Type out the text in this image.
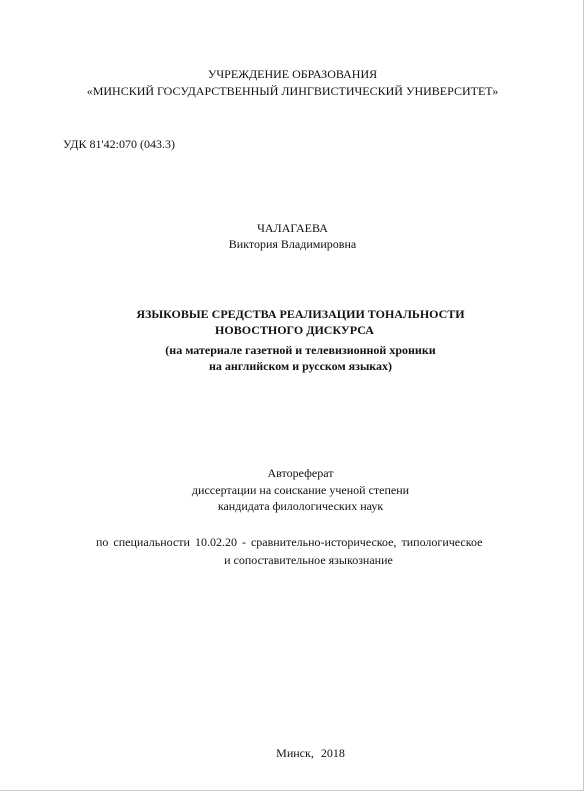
УЧРЕЖДЕНИЕ ОБРАЗОВАНИЯ
«МИНСКИЙ ГОСУДАРСТВЕННЫЙ ЛИНГВИСТИЧЕСКИЙ УНИВЕРСИТЕТ»
УДК 81'42:070 (043.3)
ЧАЛАГАЕВА
Виктория Владимировна
ЯЗЫКОВЫЕ СРЕДСТВА РЕАЛИЗАЦИИ ТОНАЛЬНОСТИ
НОВОСТНОГО ДИСКУРСА
(на материале газетной и телевизионной хроники
на английском и русском языках)
Автореферат
диссертации на соискание ученой степени
кандидата филологических наук
по специальности 10.02.20 - сравнительно-историческое, типологическое
и сопоставительное языкознание
Минск, 2018
